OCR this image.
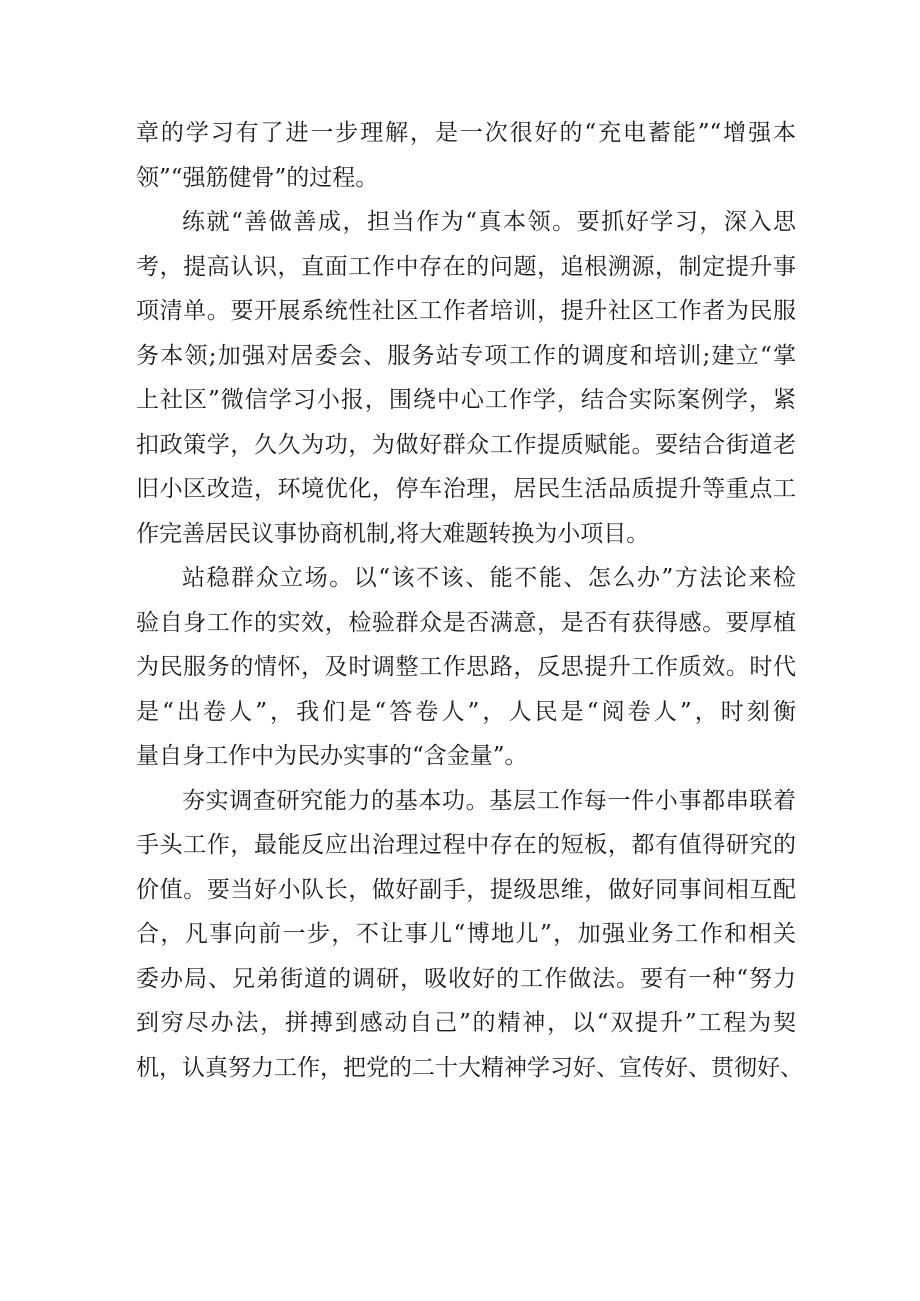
章的学习有了进一步理解，是一次很好的“充电蓄能”“增强本
领”“强筋健骨”的过程。
练就“善做善成，担当作为“真本领。要抓好学习，深入思
考，提高认识，直面工作中存在的问题，追根溯源，制定提升事
项清单。要开展系统性社区工作者培训，提升社区工作者为民服
务本领;加强对居委会、服务站专项工作的调度和培训;建立“掌
上社区”微信学习小报，围绕中心工作学，结合实际案例学，紧
扣政策学，久久为功，为做好群众工作提质赋能。要结合街道老
旧小区改造，环境优化，停车治理，居民生活品质提升等重点工
作完善居民议事协商机制,将大难题转换为小项目。
站稳群众立场。以“该不该、能不能、怎么办”方法论来检
验自身工作的实效，检验群众是否满意，是否有获得感。要厚植
为民服务的情怀，及时调整工作思路，反思提升工作质效。时代
是“出卷人”，我们是“答卷人”，人民是“阅卷人”，时刻衡
量自身工作中为民办实事的“含金量”。
夯实调查研究能力的基本功。基层工作每一件小事都串联着
手头工作，最能反应出治理过程中存在的短板，都有值得研究的
价值。要当好小队长，做好副手，提级思维，做好同事间相互配
合，凡事向前一步，不让事儿“博地儿”，加强业务工作和相关
委办局、兄弟街道的调研，吸收好的工作做法。要有一种“努力
到穷尽办法，拼搏到感动自己”的精神，以“双提升”工程为契
机，认真努力工作，把党的二十大精神学习好、宣传好、贯彻好、
